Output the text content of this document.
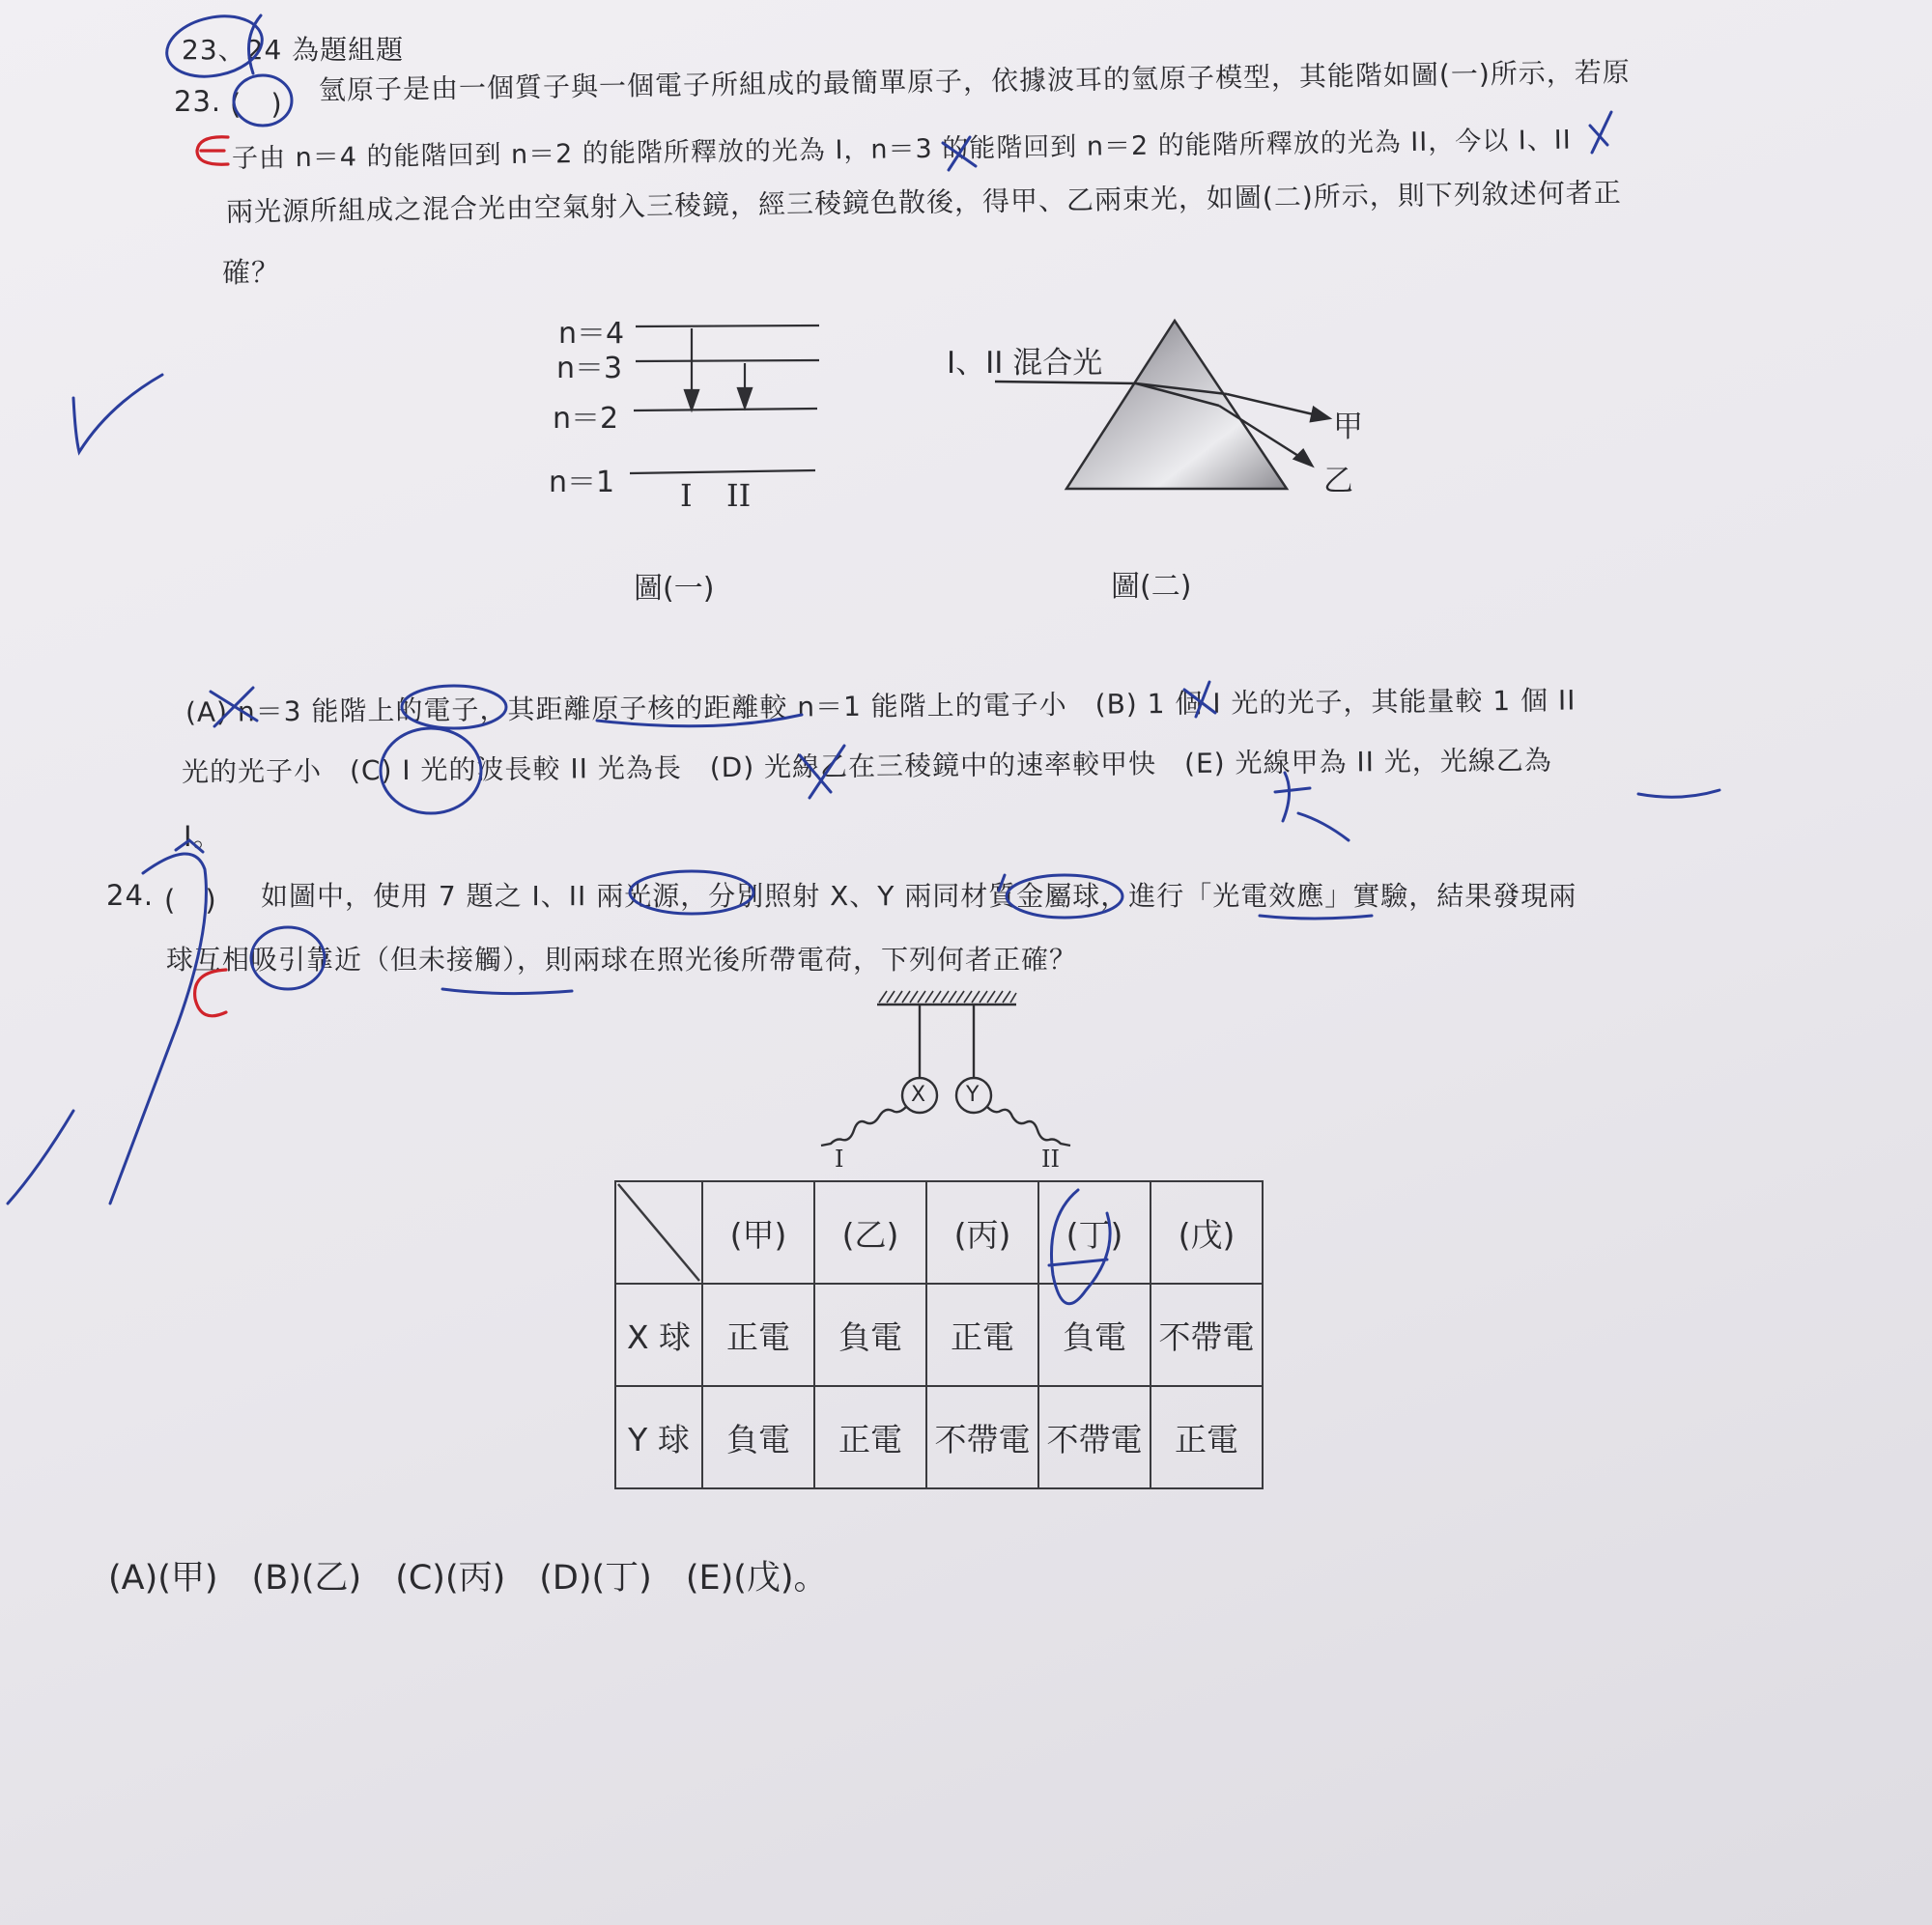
23、24 為題組題
23. (　) 氫原子是由一個質子與一個電子所組成的最簡單原子，依據波耳的氫原子模型，其能階如圖(一)所示，若原
子由 n＝4 的能階回到 n＝2 的能階所釋放的光為 I，n＝3 的能階回到 n＝2 的能階所釋放的光為 II，今以 I、II
兩光源所組成之混合光由空氣射入三稜鏡，經三稜鏡色散後，得甲、乙兩束光，如圖(二)所示，則下列敘述何者正
確？
n＝4
n＝3
n＝2
n＝1 I II
圖(一)
I、II 混合光
甲
乙
圖(二)
(A) n＝3 能階上的電子，其距離原子核的距離較 n＝1 能階上的電子小　(B) 1 個 I 光的光子，其能量較 1 個 II
光的光子小　(C) I 光的波長較 II 光為長　(D) 光線乙在三稜鏡中的速率較甲快　(E) 光線甲為 II 光，光線乙為
I。
24. (　) 如圖中，使用 7 題之 I、II 兩光源，分別照射 X、Y 兩同材質金屬球，進行「光電效應」實驗，結果發現兩
球互相吸引靠近（但未接觸），則兩球在照光後所帶電荷，下列何者正確？
X Y
I	II
	(甲)	(乙)	(丙)	(丁)	(戊)
X 球	正電	負電	正電	負電	不帶電
Y 球	負電	正電	不帶電	不帶電	正電
(A)(甲)　(B)(乙)　(C)(丙)　(D)(丁)　(E)(戊)。
